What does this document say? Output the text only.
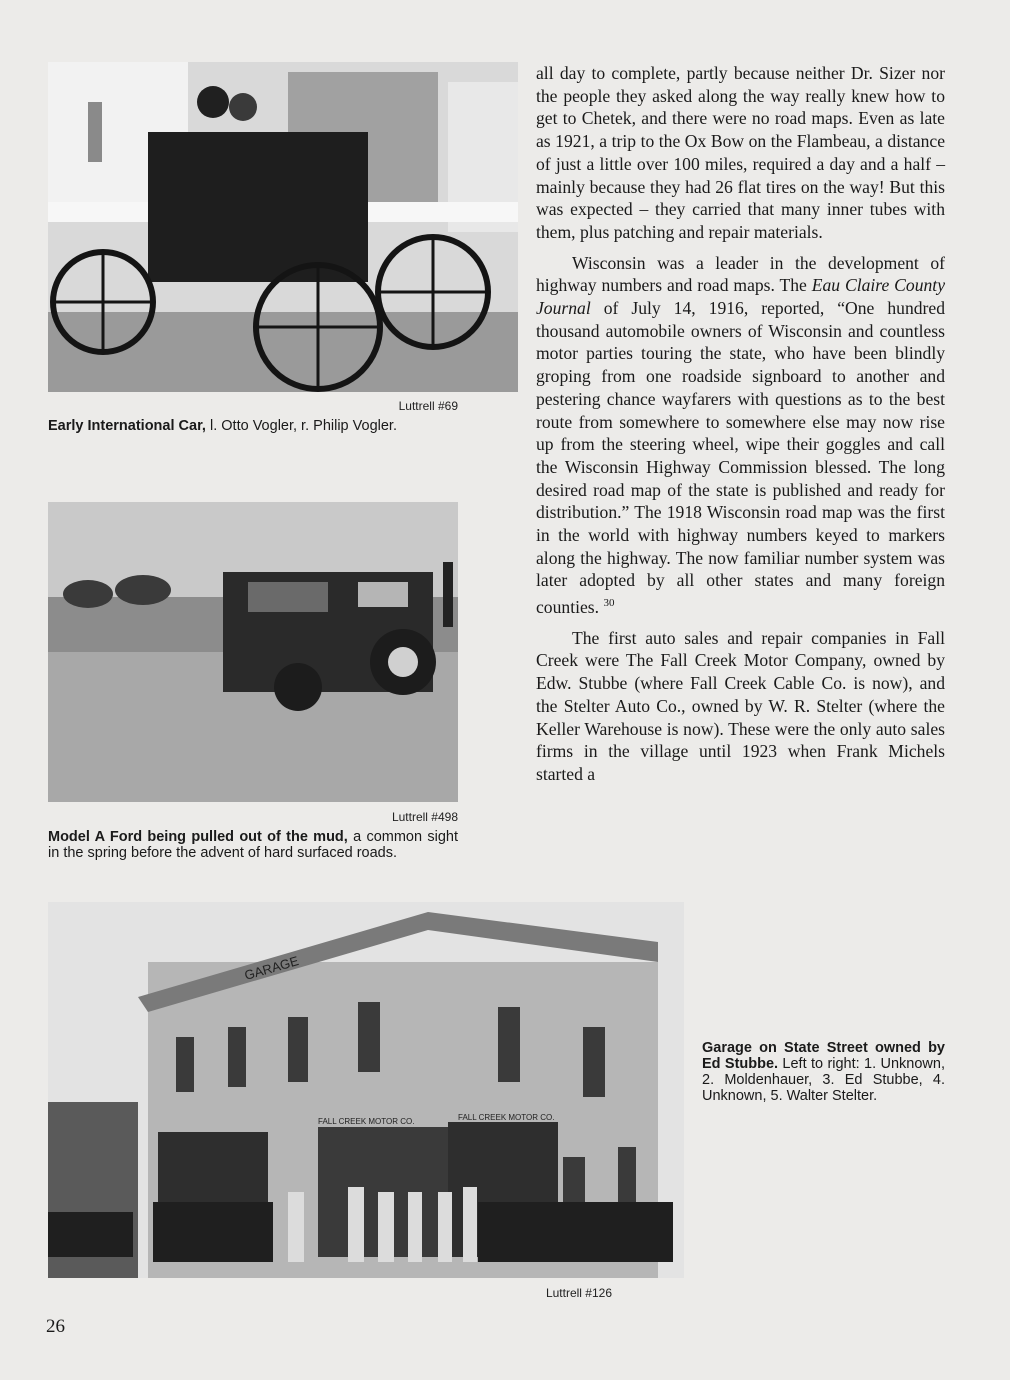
Luttrell #69
Early International Car, l. Otto Vogler, r. Philip Vogler.
Luttrell #498
Model A Ford being pulled out of the mud, a common sight in the spring before the advent of hard surfaced roads.

all day to complete, partly because neither Dr. Sizer nor the people they asked along the way really knew how to get to Chetek, and there were no road maps. Even as late as 1921, a trip to the Ox Bow on the Flambeau, a distance of just a little over 100 miles, required a day and a half – mainly because they had 26 flat tires on the way! But this was expected – they carried that many inner tubes with them, plus patching and repair materials.

Wisconsin was a leader in the development of highway numbers and road maps. The Eau Claire County Journal of July 14, 1916, reported, “One hundred thousand automobile owners of Wisconsin and countless motor parties touring the state, who have been blindly groping from one roadside signboard to another and pestering chance wayfarers with questions as to the best route from somewhere to somewhere else may now rise up from the steering wheel, wipe their goggles and call the Wisconsin Highway Commission blessed. The long desired road map of the state is published and ready for distribution.” The 1918 Wisconsin road map was the first in the world with highway numbers keyed to markers along the highway. The now familiar number system was later adopted by all other states and many foreign counties. $^{30}$

The first auto sales and repair companies in Fall Creek were The Fall Creek Motor Company, owned by Edw. Stubbe (where Fall Creek Cable Co. is now), and the Stelter Auto Co., owned by W. R. Stelter (where the Keller Warehouse is now). These were the only auto sales firms in the village until 1923 when Frank Michels started a

GARAGE
FALL CREEK MOTOR CO.	FALL CREEK MOTOR CO.
Garage on State Street owned by Ed Stubbe. Left to right: 1. Unknown, 2. Moldenhauer, 3. Ed Stubbe, 4. Unknown, 5. Walter Stelter.
Luttrell #126
26
